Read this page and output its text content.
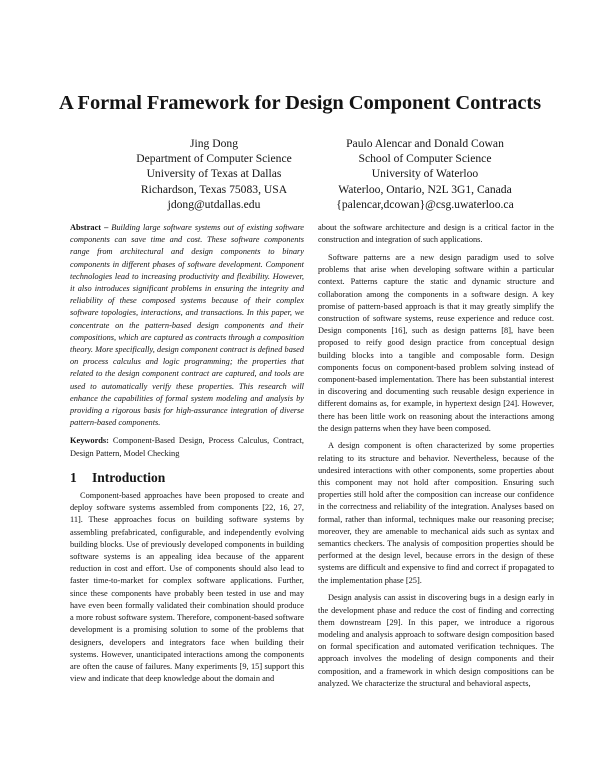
A Formal Framework for Design Component Contracts
Jing Dong
Department of Computer Science
University of Texas at Dallas
Richardson, Texas 75083, USA
jdong@utdallas.edu
Paulo Alencar and Donald Cowan
School of Computer Science
University of Waterloo
Waterloo, Ontario, N2L 3G1, Canada
{palencar,dcowan}@csg.uwaterloo.ca

Abstract – Building large software systems out of existing software components can save time and cost. These software components range from architectural and design components to binary components in different phases of software development. Component technologies lead to increasing productivity and flexibility. However, it also introduces significant problems in ensuring the integrity and reliability of these composed systems because of their complex software topologies, interactions, and transactions. In this paper, we concentrate on the pattern-based design components and their compositions, which are captured as contracts through a composition theory. More specifically, design component contract is defined based on process calculus and logic programming; the properties that related to the design component contract are captured, and tools are used to automatically verify these properties. This research will enhance the capabilities of formal system modeling and analysis by providing a rigorous basis for high-assurance integration of diverse pattern-based components.

Keywords: Component-Based Design, Process Calculus, Contract, Design Pattern, Model Checking

1 Introduction

Component-based approaches have been proposed to create and deploy software systems assembled from components [22, 16, 27, 11]. These approaches focus on building software systems by assembling prefabricated, configurable, and independently evolving building blocks. Use of previously developed components in building software systems is an appealing idea because of the apparent reduction in cost and effort. Use of components should also lead to faster time-to-market for complex software applications. Further, since these components have probably been tested in use and may have even been formally validated their combination should produce a more robust software system. Therefore, component-based software development is a promising solution to some of the problems that designers, developers and integrators face when building their systems. However, unanticipated interactions among the components are often the cause of failures. Many experiments [9, 15] support this view and indicate that deep knowledge about the domain and

about the software architecture and design is a critical factor in the construction and integration of such applications.

Software patterns are a new design paradigm used to solve problems that arise when developing software within a particular context. Patterns capture the static and dynamic structure and collaboration among the components in a software design. A key promise of pattern-based approach is that it may greatly simplify the construction of software systems, reuse experience and reduce cost. Design components [16], such as design patterns [8], have been proposed to reify good design practice from conceptual design building blocks into a tangible and composable form. Design components focus on component-based problem solving instead of component-based implementation. There has been substantial interest in discovering and documenting such reusable design experience in different domains as, for example, in hypertext design [24]. However, there has been little work on reasoning about the interactions among the design patterns when they have been composed.

A design component is often characterized by some properties relating to its structure and behavior. Nevertheless, because of the undesired interactions with other components, some properties about this component may not hold after composition. Ensuring such properties still hold after the composition can increase our confidence in the correctness and reliability of the integration. Analyses based on formal, rather than informal, techniques make our reasoning precise; moreover, they are amenable to mechanical aids such as syntax and semantics checkers. The analysis of composition properties should be performed at the design level, because errors in the design of these systems are difficult and expensive to find and correct if propagated to the implementation phase [25].

Design analysis can assist in discovering bugs in a design early in the development phase and reduce the cost of finding and correcting them downstream [29]. In this paper, we introduce a rigorous modeling and analysis approach to software design composition based on formal specification and automated verification techniques. The approach involves the modeling of design components and their composition, and a framework in which design compositions can be analyzed. We characterize the structural and behavioral aspects,
